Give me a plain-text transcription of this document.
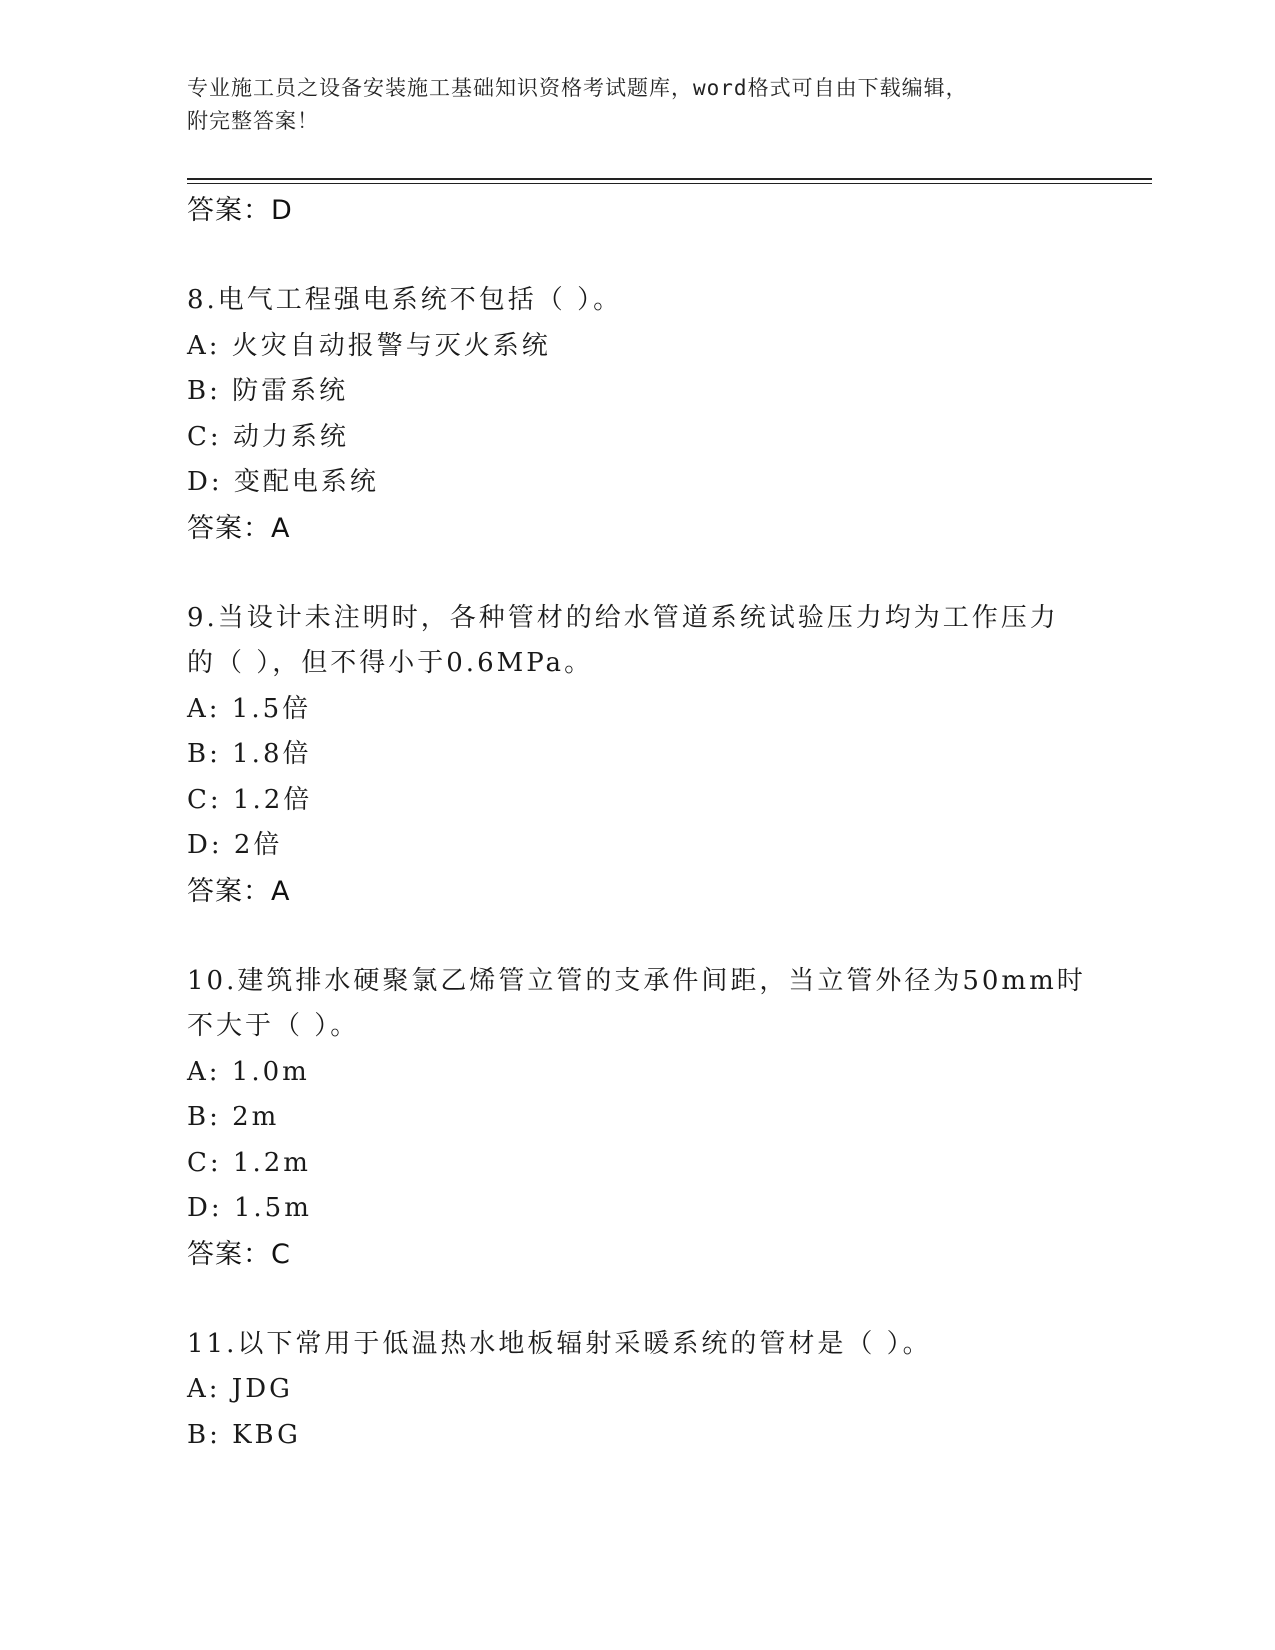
专业施工员之设备安装施工基础知识资格考试题库，word格式可自由下载编辑，
附完整答案！
答案：D
8.电气工程强电系统不包括（ ）。
A: 火灾自动报警与灭火系统
B: 防雷系统
C: 动力系统
D: 变配电系统
答案：A
9.当设计未注明时，各种管材的给水管道系统试验压力均为工作压力
的（ ），但不得小于0.6MPa。
A: 1.5倍
B: 1.8倍
C: 1.2倍
D: 2倍
答案：A
10.建筑排水硬聚氯乙烯管立管的支承件间距，当立管外径为50mm时
不大于（ ）。
A: 1.0m
B: 2m
C: 1.2m
D: 1.5m
答案：C
11.以下常用于低温热水地板辐射采暖系统的管材是（ ）。
A: JDG
B: KBG
